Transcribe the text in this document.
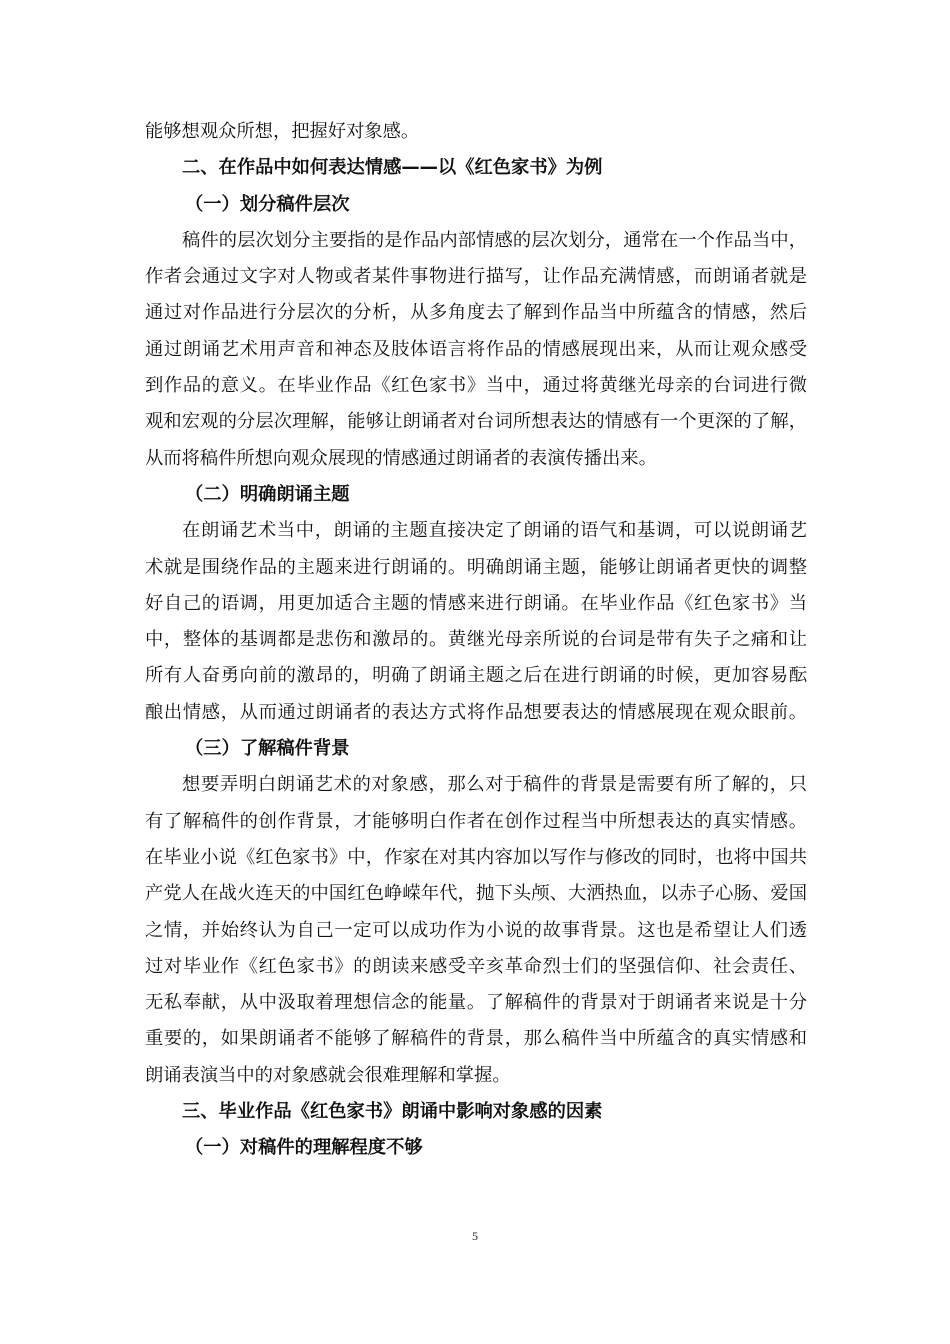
能够想观众所想，把握好对象感。
二、在作品中如何表达情感——以《红色家书》为例
（一）划分稿件层次
稿件的层次划分主要指的是作品内部情感的层次划分，通常在一个作品当中，
作者会通过文字对人物或者某件事物进行描写，让作品充满情感，而朗诵者就是
通过对作品进行分层次的分析，从多角度去了解到作品当中所蕴含的情感，然后
通过朗诵艺术用声音和神态及肢体语言将作品的情感展现出来，从而让观众感受
到作品的意义。在毕业作品《红色家书》当中，通过将黄继光母亲的台词进行微
观和宏观的分层次理解，能够让朗诵者对台词所想表达的情感有一个更深的了解，
从而将稿件所想向观众展现的情感通过朗诵者的表演传播出来。
（二）明确朗诵主题
在朗诵艺术当中，朗诵的主题直接决定了朗诵的语气和基调，可以说朗诵艺
术就是围绕作品的主题来进行朗诵的。明确朗诵主题，能够让朗诵者更快的调整
好自己的语调，用更加适合主题的情感来进行朗诵。在毕业作品《红色家书》当
中，整体的基调都是悲伤和激昂的。黄继光母亲所说的台词是带有失子之痛和让
所有人奋勇向前的激昂的，明确了朗诵主题之后在进行朗诵的时候，更加容易酝
酿出情感，从而通过朗诵者的表达方式将作品想要表达的情感展现在观众眼前。
（三）了解稿件背景
想要弄明白朗诵艺术的对象感，那么对于稿件的背景是需要有所了解的，只
有了解稿件的创作背景，才能够明白作者在创作过程当中所想表达的真实情感。
在毕业小说《红色家书》中，作家在对其内容加以写作与修改的同时，也将中国共
产党人在战火连天的中国红色峥嵘年代，抛下头颅、大洒热血，以赤子心肠、爱国
之情，并始终认为自己一定可以成功作为小说的故事背景。这也是希望让人们透
过对毕业作《红色家书》的朗读来感受辛亥革命烈士们的坚强信仰、社会责任、
无私奉献，从中汲取着理想信念的能量。了解稿件的背景对于朗诵者来说是十分
重要的，如果朗诵者不能够了解稿件的背景，那么稿件当中所蕴含的真实情感和
朗诵表演当中的对象感就会很难理解和掌握。
三、毕业作品《红色家书》朗诵中影响对象感的因素
（一）对稿件的理解程度不够
5
